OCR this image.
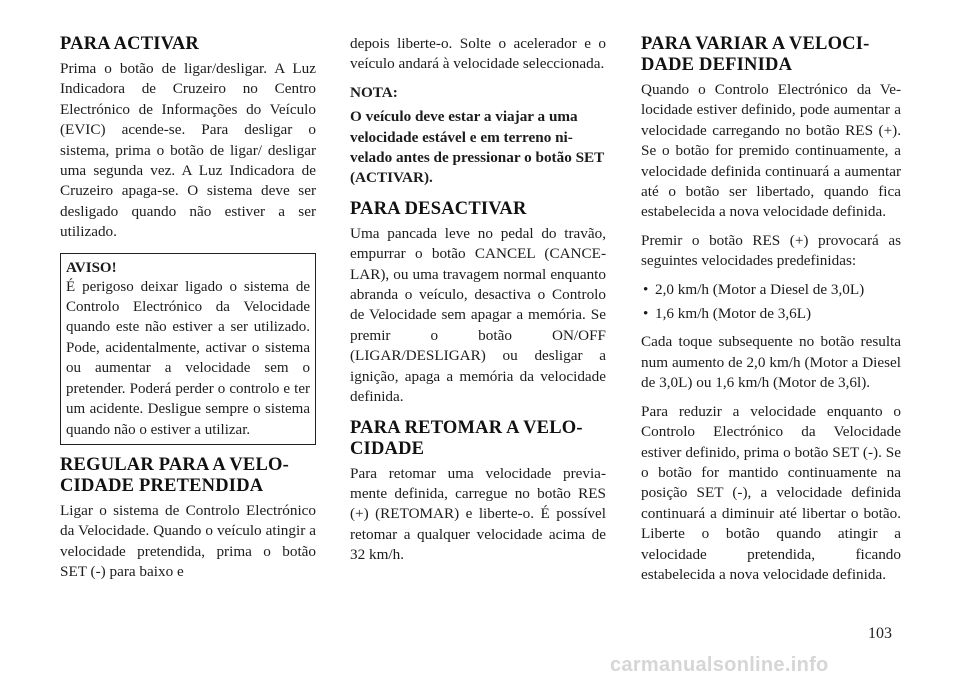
PARA ACTIVAR

Prima o botão de ligar/desligar. A Luz Indicadora de Cruzeiro no Centro Electrónico de Informações do Veículo (EVIC) acende-se. Para desligar o sistema, prima o botão de ligar/ desligar uma segunda vez. A Luz Indicadora de Cruzeiro apaga-se. O sistema deve ser desligado quando não estiver a ser utilizado.

AVISO!

É perigoso deixar ligado o sistema de Controlo Electrónico da Velocidade quando este não estiver a ser utilizado. Pode, acidentalmente, activar o sistema ou aumentar a velocidade sem o pretender. Poderá perder o controlo e ter um acidente. Desligue sempre o sistema quando não o estiver a utilizar.

REGULAR PARA A VELO-
CIDADE PRETENDIDA

Ligar o sistema de Controlo Electrónico da Velocidade. Quando o veículo atingir a velocidade pretendida, prima o botão SET (-) para baixo e

depois liberte-o. Solte o acelerador e o veículo andará à velocidade seleccionada.

NOTA:

O veículo deve estar a viajar a uma velocidade estável e em terreno nivelado antes de pressionar o botão SET (ACTIVAR).

PARA DESACTIVAR

Uma pancada leve no pedal do travão, empurrar o botão CANCEL (CANCELAR), ou uma travagem normal enquanto abranda o veículo, desactiva o Controlo de Velocidade sem apagar a memória. Se premir o botão ON/OFF (LIGAR/DESLIGAR) ou desligar a ignição, apaga a memória da velocidade definida.

PARA RETOMAR A VELO-
CIDADE

Para retomar uma velocidade previamente definida, carregue no botão RES (+) (RETOMAR) e liberte-o. É possível retomar a qualquer velocidade acima de 32 km/h.

PARA VARIAR A VELOCI-
DADE DEFINIDA

Quando o Controlo Electrónico da Velocidade estiver definido, pode aumentar a velocidade carregando no botão RES (+). Se o botão for premido continuamente, a velocidade definida continuará a aumentar até o botão ser libertado, quando fica estabelecida a nova velocidade definida.

Premir o botão RES (+) provocará as seguintes velocidades predefinidas:

• 2,0 km/h (Motor a Diesel de 3,0L)
• 1,6 km/h (Motor de 3,6L)

Cada toque subsequente no botão resulta num aumento de 2,0 km/h (Motor a Diesel de 3,0L) ou 1,6 km/h (Motor de 3,6l).

Para reduzir a velocidade enquanto o Controlo Electrónico da Velocidade estiver definido, prima o botão SET (-). Se o botão for mantido continuamente na posição SET (-), a velocidade definida continuará a diminuir até libertar o botão. Liberte o botão quando atingir a velocidade pretendida, ficando estabelecida a nova velocidade definida.

103
carmanualsonline.info
